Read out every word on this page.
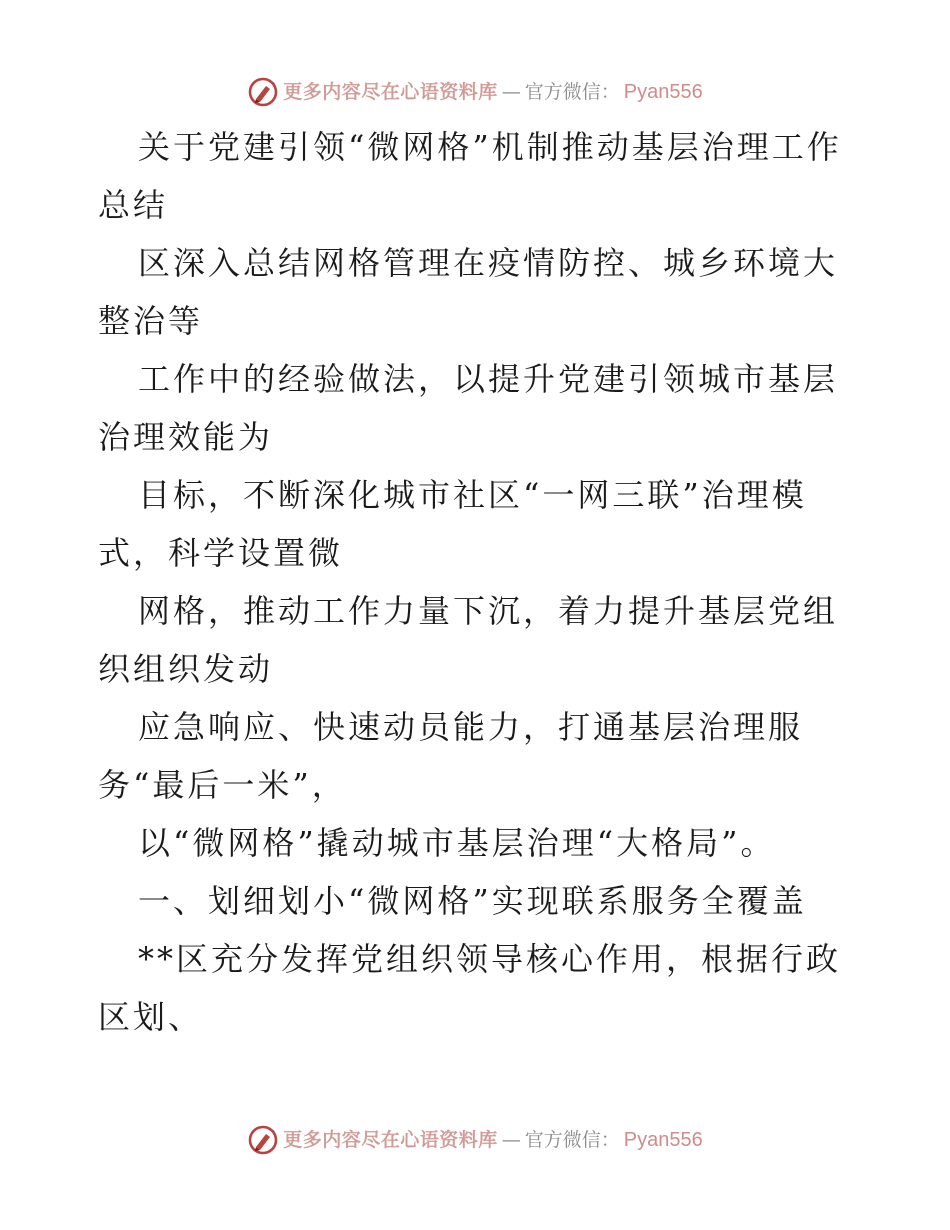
更多内容尽在心语资料库 — 官方微信： Pyan556

关于党建引领“微网格”机制推动基层治理工作总结

区深入总结网格管理在疫情防控、城乡环境大整治等

工作中的经验做法，以提升党建引领城市基层治理效能为

目标，不断深化城市社区“一网三联”治理模式，科学设置微

网格，推动工作力量下沉，着力提升基层党组织组织发动

应急响应、快速动员能力，打通基层治理服务“最后一米”，

以“微网格”撬动城市基层治理“大格局”。

一、划细划小“微网格”实现联系服务全覆盖

**区充分发挥党组织领导核心作用，根据行政区划、

更多内容尽在心语资料库 — 官方微信： Pyan556
